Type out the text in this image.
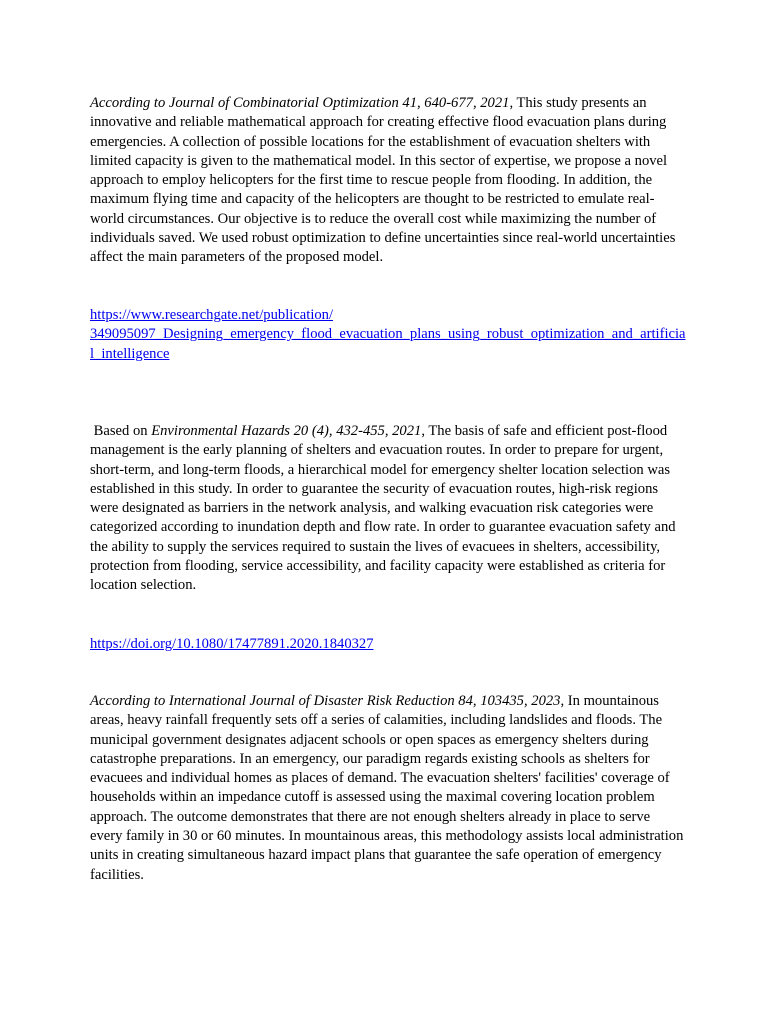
According to Journal of Combinatorial Optimization 41, 640-677, 2021, This study presents an innovative and reliable mathematical approach for creating effective flood evacuation plans during emergencies. A collection of possible locations for the establishment of evacuation shelters with limited capacity is given to the mathematical model. In this sector of expertise, we propose a novel approach to employ helicopters for the first time to rescue people from flooding. In addition, the maximum flying time and capacity of the helicopters are thought to be restricted to emulate real-world circumstances. Our objective is to reduce the overall cost while maximizing the number of individuals saved. We used robust optimization to define uncertainties since real-world uncertainties affect the main parameters of the proposed model.

https://www.researchgate.net/publication/
349095097_Designing_emergency_flood_evacuation_plans_using_robust_optimization_and_artificial_intelligence

Based on Environmental Hazards 20 (4), 432-455, 2021, The basis of safe and efficient post-flood management is the early planning of shelters and evacuation routes. In order to prepare for urgent, short-term, and long-term floods, a hierarchical model for emergency shelter location selection was established in this study. In order to guarantee the security of evacuation routes, high-risk regions were designated as barriers in the network analysis, and walking evacuation risk categories were categorized according to inundation depth and flow rate. In order to guarantee evacuation safety and the ability to supply the services required to sustain the lives of evacuees in shelters, accessibility, protection from flooding, service accessibility, and facility capacity were established as criteria for location selection.

https://doi.org/10.1080/17477891.2020.1840327

According to International Journal of Disaster Risk Reduction 84, 103435, 2023, In mountainous areas, heavy rainfall frequently sets off a series of calamities, including landslides and floods. The municipal government designates adjacent schools or open spaces as emergency shelters during catastrophe preparations. In an emergency, our paradigm regards existing schools as shelters for evacuees and individual homes as places of demand. The evacuation shelters' facilities' coverage of households within an impedance cutoff is assessed using the maximal covering location problem approach. The outcome demonstrates that there are not enough shelters already in place to serve every family in 30 or 60 minutes. In mountainous areas, this methodology assists local administration units in creating simultaneous hazard impact plans that guarantee the safe operation of emergency facilities.
